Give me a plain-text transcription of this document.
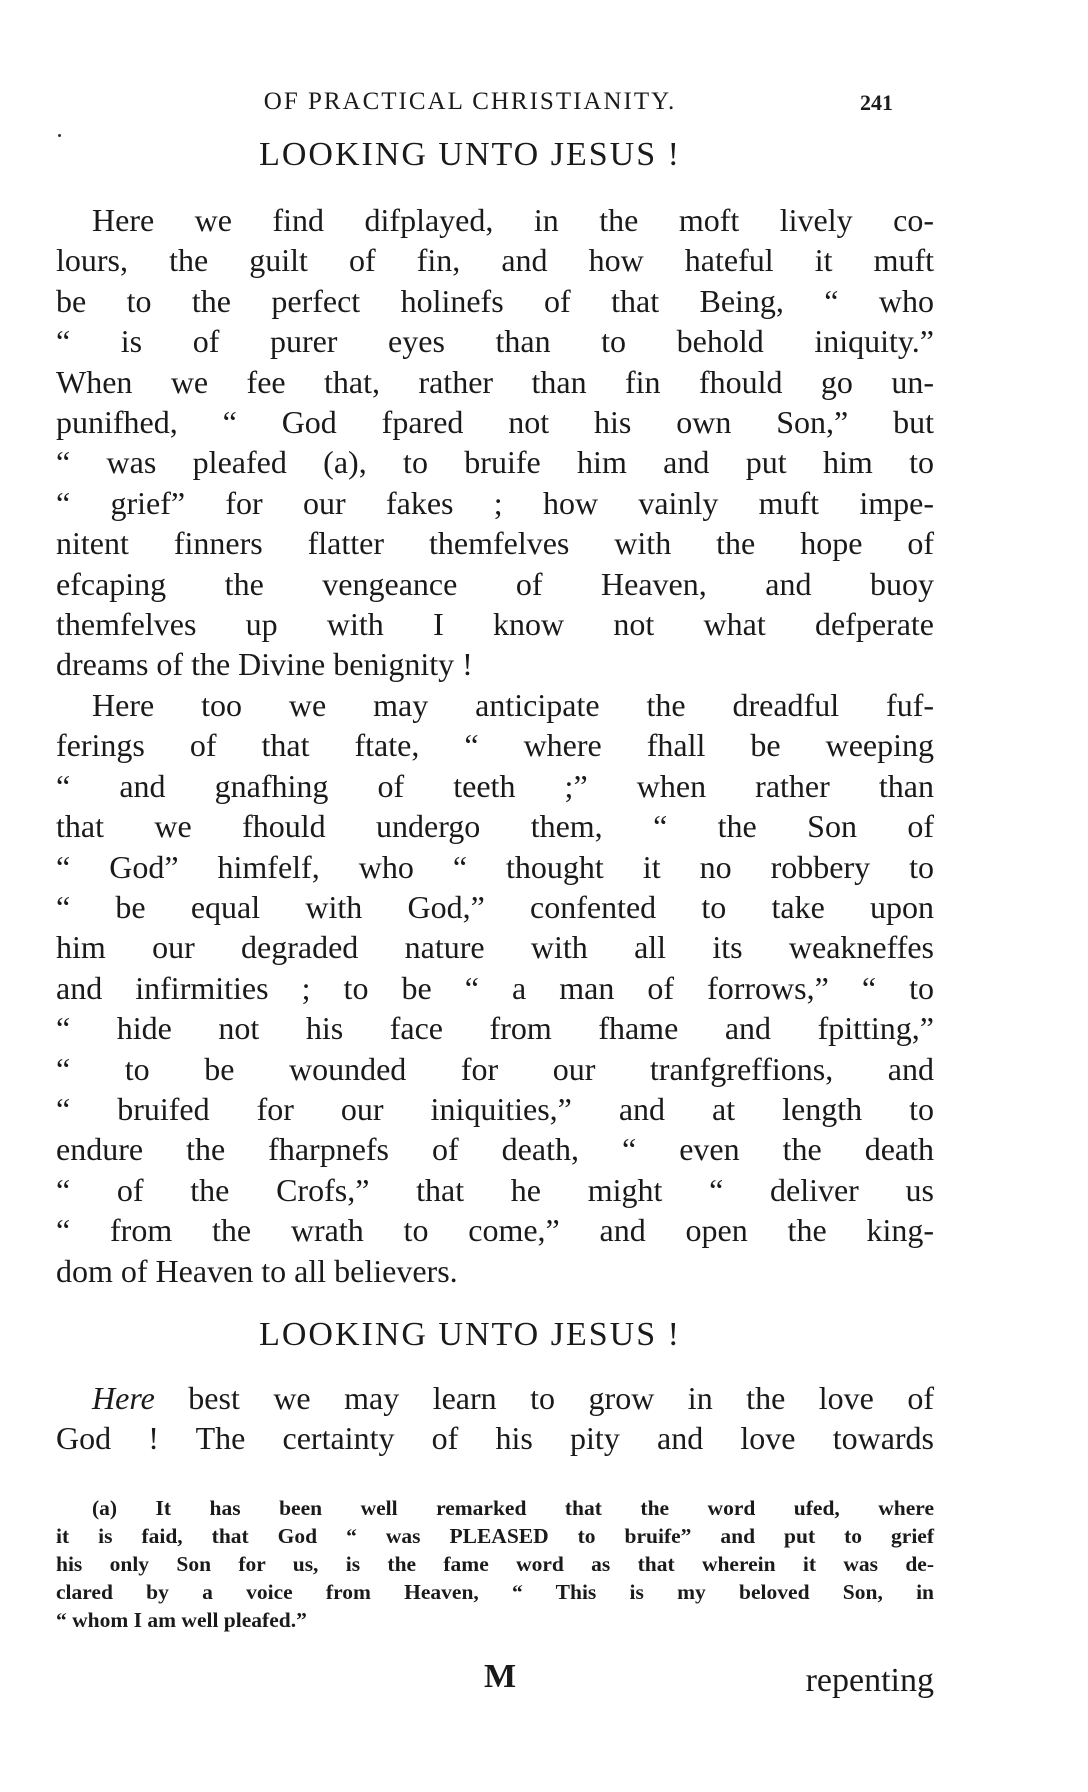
OF PRACTICAL CHRISTIANITY.	241
LOOKING UNTO JESUS !
Here we find difplayed, in the moft lively co-
lours, the guilt of fin, and how hateful it muft
be to the perfect holinefs of that Being, “ who
“ is of purer eyes than to behold iniquity.”
When we fee that, rather than fin fhould go un-
punifhed, “ God fpared not his own Son,” but
“ was pleafed (a), to bruife him and put him to
“ grief” for our fakes ; how vainly muft impe-
nitent finners flatter themfelves with the hope of
efcaping the vengeance of Heaven, and buoy
themfelves up with I know not what defperate
dreams of the Divine benignity !
Here too we may anticipate the dreadful fuf-
ferings of that ftate, “ where fhall be weeping
“ and gnafhing of teeth ;” when rather than
that we fhould undergo them, “ the Son of
“ God” himfelf, who “ thought it no robbery to
“ be equal with God,” confented to take upon
him our degraded nature with all its weakneffes
and infirmities ; to be “ a man of forrows,” “ to
“ hide not his face from fhame and fpitting,”
“ to be wounded for our tranfgreffions, and
“ bruifed for our iniquities,” and at length to
endure the fharpnefs of death, “ even the death
“ of the Crofs,” that he might “ deliver us
“ from the wrath to come,” and open the king-
dom of Heaven to all believers.
LOOKING UNTO JESUS !
Here best we may learn to grow in the love of
God ! The certainty of his pity and love towards
(a) It has been well remarked that the word ufed, where
it is faid, that God “ was PLEASED to bruife” and put to grief
his only Son for us, is the fame word as that wherein it was de-
clared by a voice from Heaven, “ This is my beloved Son, in
“ whom I am well pleafed.”
M	repenting
